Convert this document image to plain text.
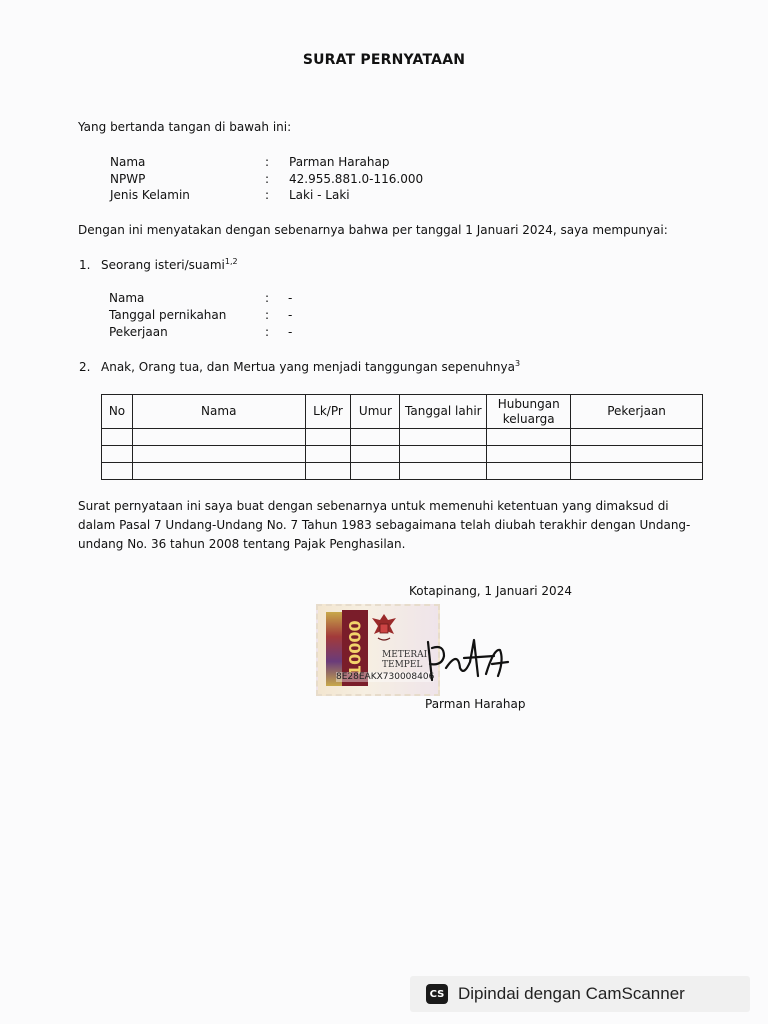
SURAT PERNYATAAN
Yang bertanda tangan di bawah ini:
Nama	: Parman Harahap
NPWP	: 42.955.881.0-116.000
Jenis Kelamin	: Laki - Laki
Dengan ini menyatakan dengan sebenarnya bahwa per tanggal 1 Januari 2024, saya mempunyai:
1. Seorang isteri/suami$^{1,2}$
Nama	: -
Tanggal pernikahan	: -
Pekerjaan	: -
2. Anak, Orang tua, dan Mertua yang menjadi tanggungan sepenuhnya$^3$
No	Nama	Lk/Pr	Umur	Tanggal lahir	Hubungan keluarga	Pekerjaan

Surat pernyataan ini saya buat dengan sebenarnya untuk memenuhi ketentuan yang dimaksud di dalam Pasal 7 Undang-Undang No. 7 Tahun 1983 sebagaimana telah diubah terakhir dengan Undang-undang No. 36 tahun 2008 tentang Pajak Penghasilan.
Kotapinang, 1 Januari 2024
10000	METERAI TEMPEL
8E28EAKX730008406
Parman Harahap
CS Dipindai dengan CamScanner
